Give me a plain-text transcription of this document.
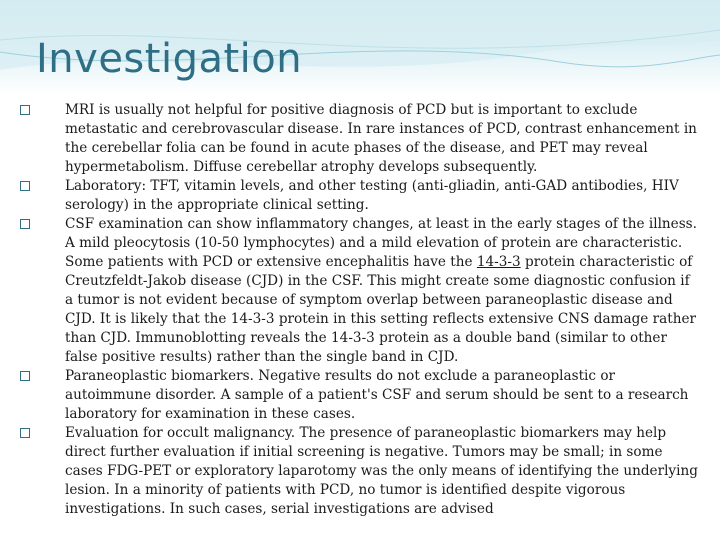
Investigation
MRI is usually not helpful for positive diagnosis of PCD but is important to exclude metastatic and cerebrovascular disease. In rare instances of PCD, contrast enhancement in the cerebellar folia can be found in acute phases of the disease, and PET may reveal hypermetabolism. Diffuse cerebellar atrophy develops subsequently.
Laboratory: TFT, vitamin levels, and other testing (anti-gliadin, anti-GAD antibodies, HIV serology) in the appropriate clinical setting.
CSF examination can show inflammatory changes, at least in the early stages of the illness. A mild pleocytosis (10-50 lymphocytes) and a mild elevation of protein are characteristic. Some patients with PCD or extensive encephalitis have the 14-3-3 protein characteristic of Creutzfeldt-Jakob disease (CJD) in the CSF. This might create some diagnostic confusion if a tumor is not evident because of symptom overlap between paraneoplastic disease and CJD. It is likely that the 14-3-3 protein in this setting reflects extensive CNS damage rather than CJD. Immunoblotting reveals the 14-3-3 protein as a double band (similar to other false positive results) rather than the single band in CJD.
Paraneoplastic biomarkers. Negative results do not exclude a paraneoplastic or autoimmune disorder. A sample of a patient's CSF and serum should be sent to a research laboratory for examination in these cases.
Evaluation for occult malignancy. The presence of paraneoplastic biomarkers may help direct further evaluation if initial screening is negative. Tumors may be small; in some cases FDG-PET or exploratory laparotomy was the only means of identifying the underlying lesion. In a minority of patients with PCD, no tumor is identified despite vigorous investigations. In such cases, serial investigations are advised
